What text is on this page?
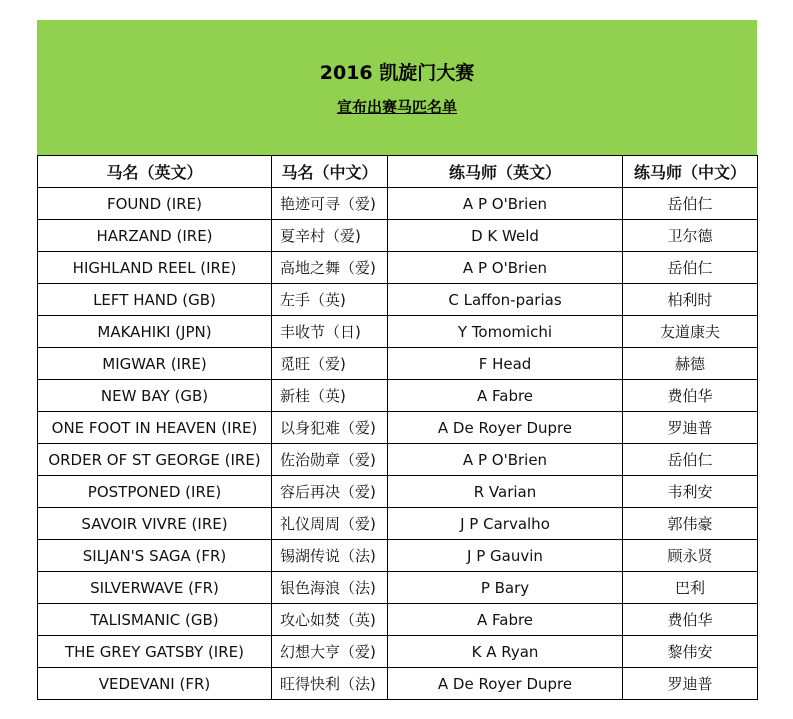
2016 凯旋门大赛
宣布出赛马匹名单
马名（英文）	马名（中文）	练马师（英文）	练马师（中文）
FOUND (IRE)	艳迹可寻（爱)	A P O'Brien	岳伯仁
HARZAND (IRE)	夏辛村（爱)	D K Weld	卫尔德
HIGHLAND REEL (IRE)	高地之舞（爱)	A P O'Brien	岳伯仁
LEFT HAND (GB)	左手（英)	C Laffon-parias	柏利时
MAKAHIKI (JPN)	丰收节（日)	Y Tomomichi	友道康夫
MIGWAR (IRE)	觅旺（爱)	F Head	赫德
NEW BAY (GB)	新桂（英)	A Fabre	费伯华
ONE FOOT IN HEAVEN (IRE)	以身犯难（爱)	A De Royer Dupre	罗迪普
ORDER OF ST GEORGE (IRE)	佐治勋章（爱)	A P O'Brien	岳伯仁
POSTPONED (IRE)	容后再决（爱)	R Varian	韦利安
SAVOIR VIVRE (IRE)	礼仪周周（爱)	J P Carvalho	郭伟豪
SILJAN'S SAGA (FR)	锡湖传说（法)	J P Gauvin	顾永贤
SILVERWAVE (FR)	银色海浪（法)	P Bary	巴利
TALISMANIC (GB)	攻心如焚（英)	A Fabre	费伯华
THE GREY GATSBY (IRE)	幻想大亨（爱)	K A Ryan	黎伟安
VEDEVANI (FR)	旺得快利（法)	A De Royer Dupre	罗迪普
